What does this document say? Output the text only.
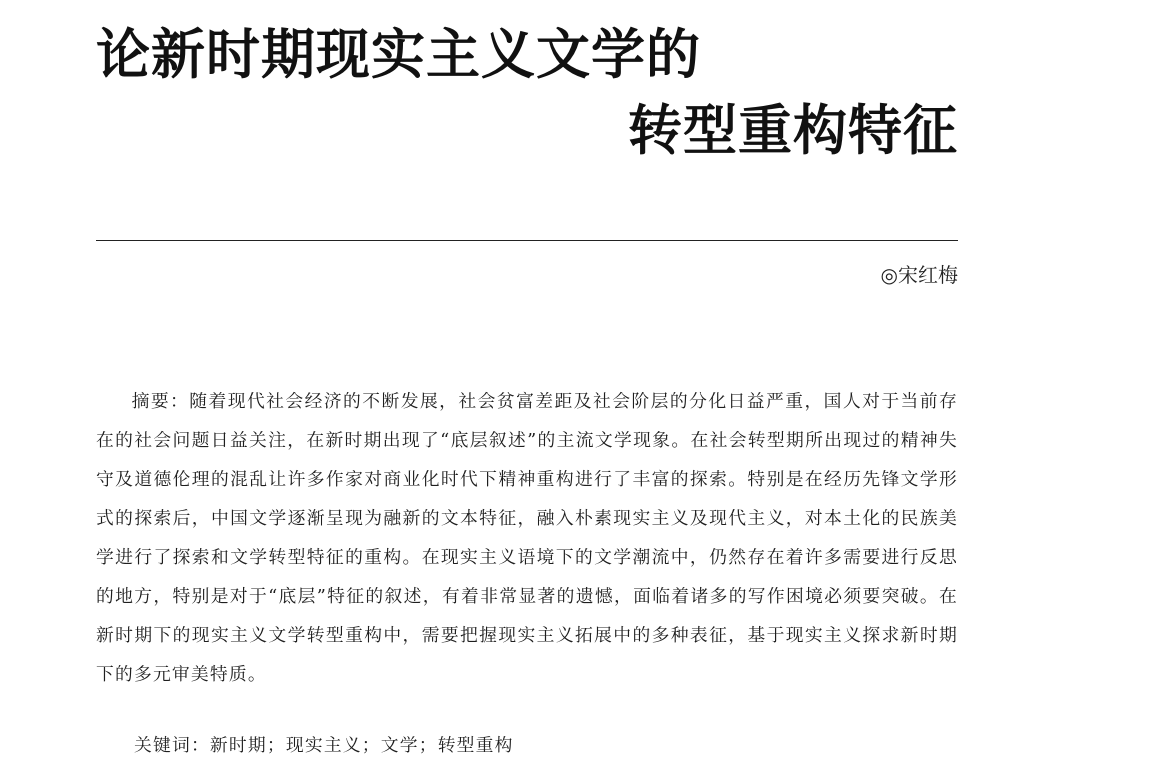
论新时期现实主义文学的
转型重构特征
◎宋红梅

摘要：随着现代社会经济的不断发展，社会贫富差距及社会阶层的分化日益严重，国人对于当前存在的社会问题日益关注，在新时期出现了“底层叙述”的主流文学现象。在社会转型期所出现过的精神失守及道德伦理的混乱让许多作家对商业化时代下精神重构进行了丰富的探索。特别是在经历先锋文学形式的探索后，中国文学逐渐呈现为融新的文本特征，融入朴素现实主义及现代主义，对本土化的民族美学进行了探索和文学转型特征的重构。在现实主义语境下的文学潮流中，仍然存在着许多需要进行反思的地方，特别是对于“底层”特征的叙述，有着非常显著的遗憾，面临着诸多的写作困境必须要突破。在新时期下的现实主义文学转型重构中，需要把握现实主义拓展中的多种表征，基于现实主义探求新时期下的多元审美特质。

关键词：新时期；现实主义；文学；转型重构
